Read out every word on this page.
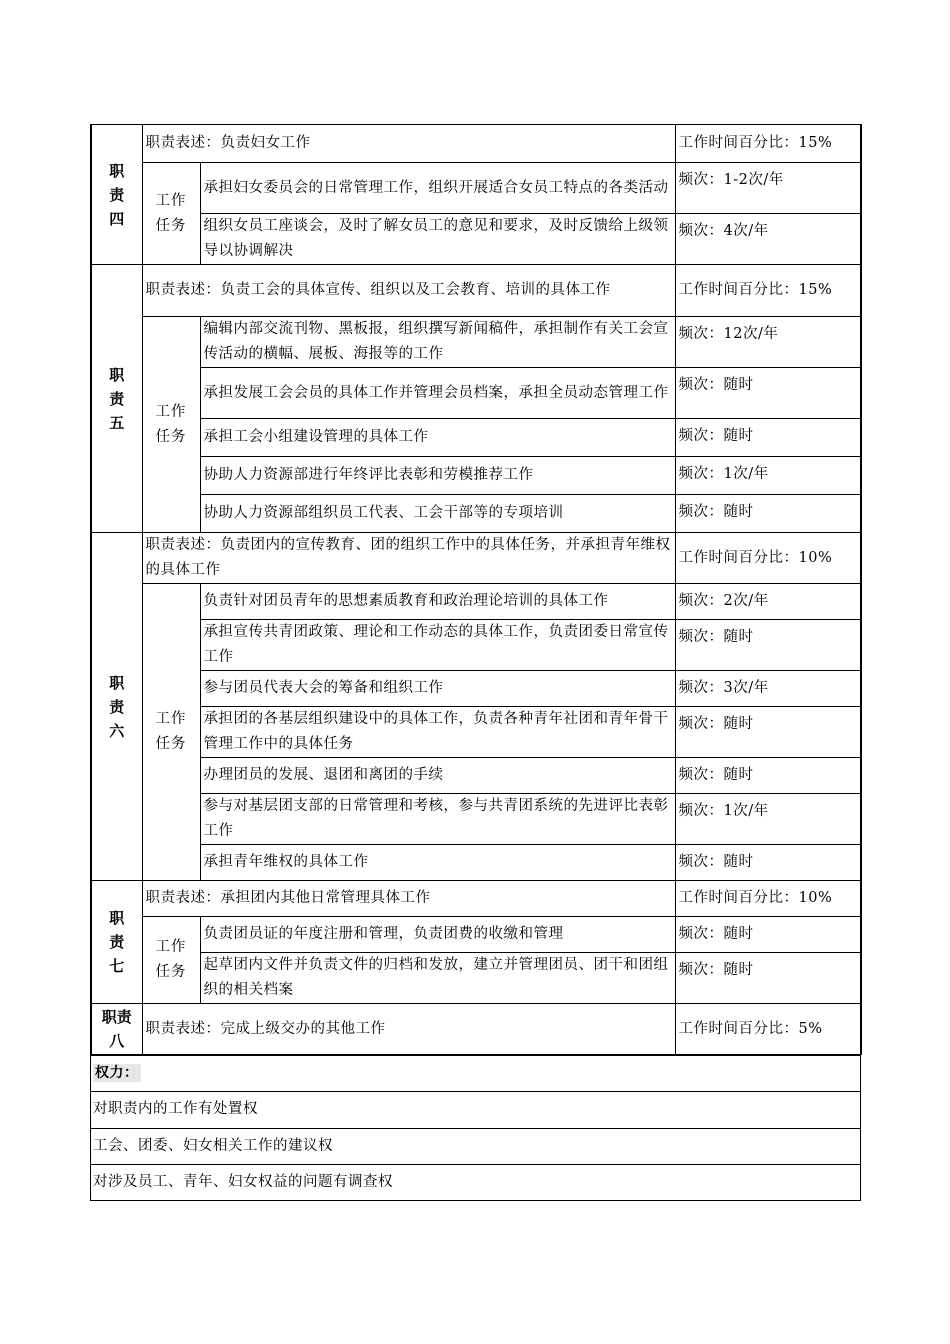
职
责
四	职责表述：负责妇女工作		工作时间百分比：15%

	工作
任务	承担妇女委员会的日常管理工作，组织开展适合女员工特点的各类活动	频次：1-2次/年
		组织女员工座谈会，及时了解女员工的意见和要求，及时反馈给上级领导以协调解决	频次：4次/年

职
责
五	职责表述：负责工会的具体宣传、组织以及工会教育、培训的具体工作		工作时间百分比：15%

	工作
任务	编辑内部交流刊物、黑板报，组织撰写新闻稿件，承担制作有关工会宣传活动的横幅、展板、海报等的工作	频次：12次/年
		承担发展工会会员的具体工作并管理会员档案，承担全员动态管理工作	频次：随时
		承担工会小组建设管理的具体工作	频次：随时
		协助人力资源部进行年终评比表彰和劳模推荐工作	频次：1次/年
		协助人力资源部组织员工代表、工会干部等的专项培训	频次：随时

职
责
六	职责表述：负责团内的宣传教育、团的组织工作中的具体任务，并承担青年维权的具体工作		工作时间百分比：10%

	工作
任务	负责针对团员青年的思想素质教育和政治理论培训的具体工作	频次：2次/年
		承担宣传共青团政策、理论和工作动态的具体工作，负责团委日常宣传工作	频次：随时
		参与团员代表大会的筹备和组织工作	频次：3次/年
		承担团的各基层组织建设中的具体工作，负责各种青年社团和青年骨干管理工作中的具体任务	频次：随时
		办理团员的发展、退团和离团的手续	频次：随时
		参与对基层团支部的日常管理和考核，参与共青团系统的先进评比表彰工作	频次：1次/年
		承担青年维权的具体工作	频次：随时

职
责
七	职责表述：承担团内其他日常管理具体工作		工作时间百分比：10%

	工作
任务	负责团员证的年度注册和管理，负责团费的收缴和管理	频次：随时
		起草团内文件并负责文件的归档和发放，建立并管理团员、团干和团组织的相关档案	频次：随时

职责
八	职责表述：完成上级交办的其他工作		工作时间百分比：5%
权力：
对职责内的工作有处置权
工会、团委、妇女相关工作的建议权
对涉及员工、青年、妇女权益的问题有调查权
